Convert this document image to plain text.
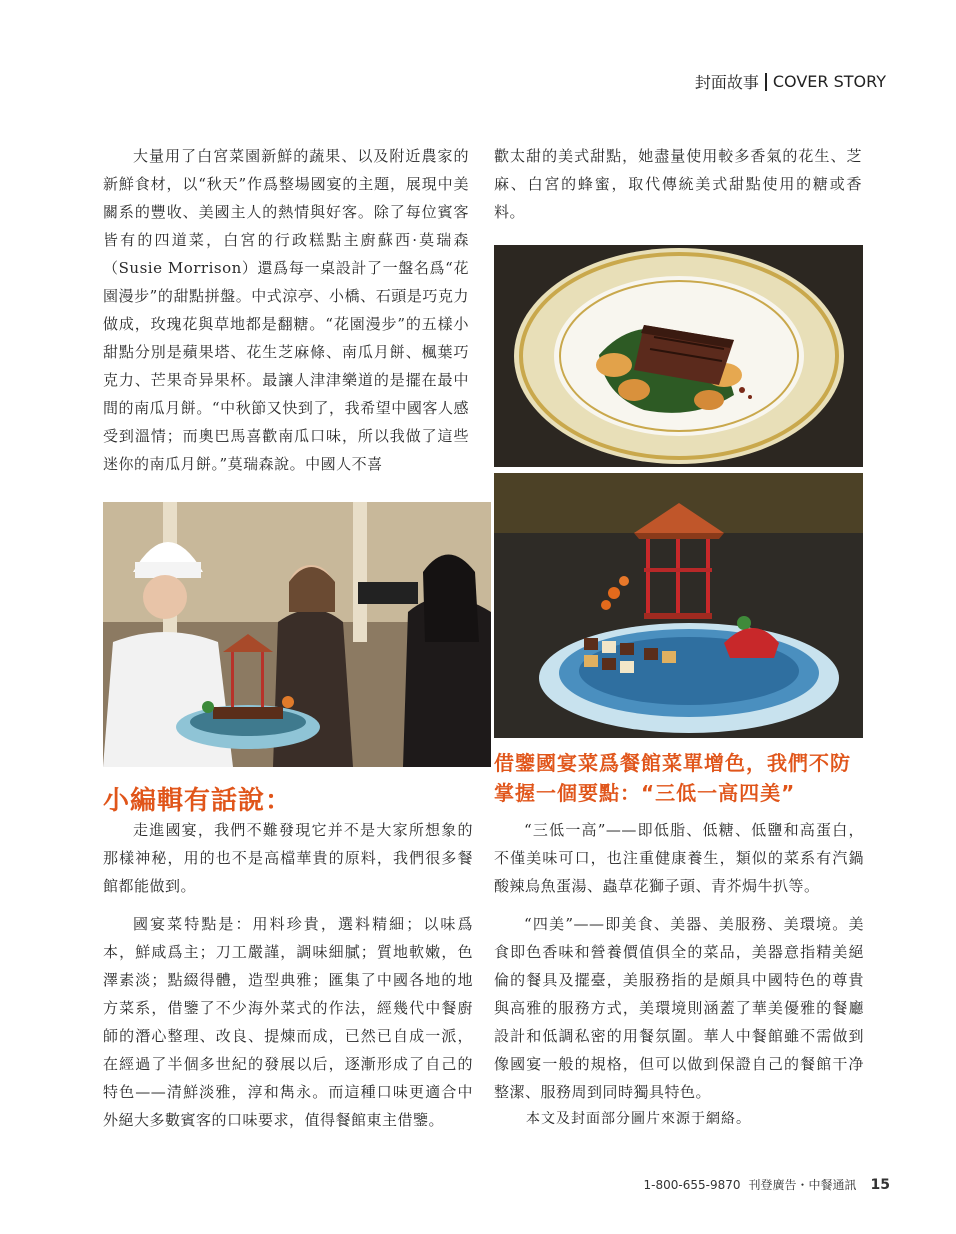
封面故事 COVER STORY

大量用了白宮菜園新鮮的蔬果、以及附近農家的新鮮食材，以“秋天”作爲整場國宴的主題，展現中美關系的豐收、美國主人的熱情與好客。除了每位賓客皆有的四道菜，白宮的行政糕點主廚蘇西·莫瑞森（Susie Morrison）還爲每一桌設計了一盤名爲“花園漫步”的甜點拼盤。中式涼亭、小橋、石頭是巧克力做成，玫瑰花與草地都是翻糖。“花園漫步”的五樣小甜點分別是蘋果塔、花生芝麻條、南瓜月餅、楓葉巧克力、芒果奇异果杯。最讓人津津樂道的是擺在最中間的南瓜月餅。“中秋節又快到了，我希望中國客人感受到溫情；而奧巴馬喜歡南瓜口味，所以我做了這些迷你的南瓜月餅。”莫瑞森說。中國人不喜

歡太甜的美式甜點，她盡量使用較多香氣的花生、芝麻、白宮的蜂蜜，取代傳統美式甜點使用的糖或香料。

小編輯有話說：

走進國宴，我們不難發現它并不是大家所想象的那樣神秘，用的也不是高檔華貴的原料，我們很多餐館都能做到。

國宴菜特點是：用料珍貴，選料精細；以味爲本，鮮咸爲主；刀工嚴謹，調味細膩；質地軟嫩，色澤素淡；點綴得體，造型典雅；匯集了中國各地的地方菜系，借鑒了不少海外菜式的作法，經幾代中餐廚師的潛心整理、改良、提煉而成，已然已自成一派，在經過了半個多世紀的發展以后，逐漸形成了自己的特色——清鮮淡雅，淳和雋永。而這種口味更適合中外絕大多數賓客的口味要求，值得餐館東主借鑒。

借鑒國宴菜爲餐館菜單增色，我們不防掌握一個要點：“三低一高四美”

“三低一高”——即低脂、低糖、低鹽和高蛋白，不僅美味可口，也注重健康養生，類似的菜系有汽鍋酸辣烏魚蛋湯、蟲草花獅子頭、青芥焗牛扒等。

“四美”——即美食、美器、美服務、美環境。美食即色香味和營養價值俱全的菜品，美器意指精美絕倫的餐具及擺臺，美服務指的是頗具中國特色的尊貴與高雅的服務方式，美環境則涵蓋了華美優雅的餐廳設計和低調私密的用餐氛圍。華人中餐館雖不需做到像國宴一般的規格，但可以做到保證自己的餐館干净整潔、服務周到同時獨具特色。

本文及封面部分圖片來源于網絡。
1-800-655-9870 刊登廣告・中餐通訊 15
